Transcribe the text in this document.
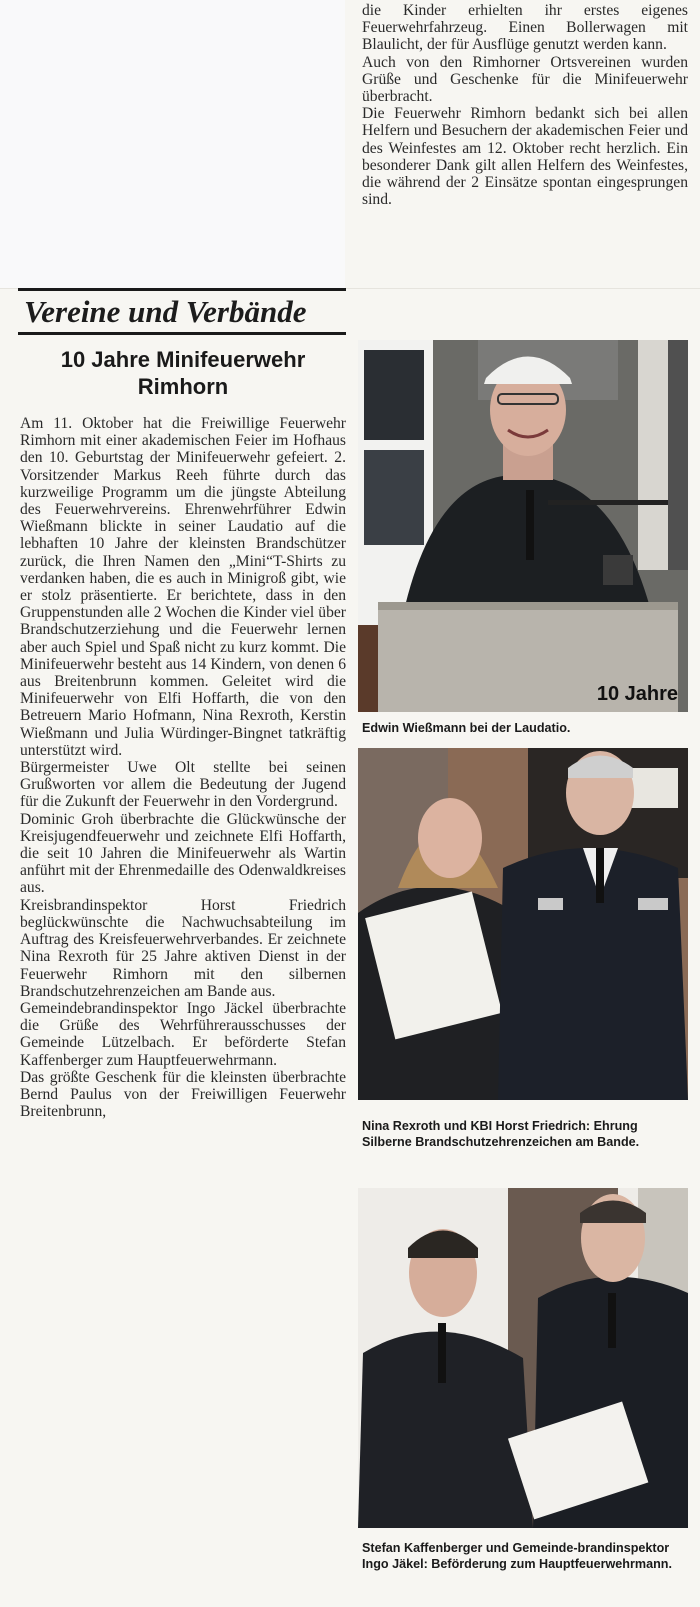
die Kinder erhielten ihr erstes eigenes Feuerwehrfahrzeug. Einen Bollerwagen mit Blaulicht, der für Ausflüge genutzt werden kann.

Auch von den Rimhorner Ortsvereinen wurden Grüße und Geschenke für die Minifeuerwehr überbracht.

Die Feuerwehr Rimhorn bedankt sich bei allen Helfern und Besuchern der akademischen Feier und des Weinfestes am 12. Oktober recht herzlich. Ein besonderer Dank gilt allen Helfern des Weinfestes, die während der 2 Einsätze spontan eingesprungen sind.

Vereine und Verbände
10 Jahre Minifeuerwehr
Rimhorn

Am 11. Oktober hat die Freiwillige Feuerwehr Rimhorn mit einer akademischen Feier im Hofhaus den 10. Geburtstag der Minifeuerwehr gefeiert. 2. Vorsitzender Markus Reeh führte durch das kurzweilige Programm um die jüngste Abteilung des Feuerwehrvereins. Ehrenwehrführer Edwin Wießmann blickte in seiner Laudatio auf die lebhaften 10 Jahre der kleinsten Brandschützer zurück, die Ihren Namen den „Mini“T-Shirts zu verdanken haben, die es auch in Minigroß gibt, wie er stolz präsentierte. Er berichtete, dass in den Gruppenstunden alle 2 Wochen die Kinder viel über Brandschutzerziehung und die Feuerwehr lernen aber auch Spiel und Spaß nicht zu kurz kommt. Die Minifeuerwehr besteht aus 14 Kindern, von denen 6 aus Breitenbrunn kommen. Geleitet wird die Minifeuerwehr von Elfi Hoffarth, die von den Betreuern Mario Hofmann, Nina Rexroth, Kerstin Wießmann und Julia Würdinger-Bingnet tatkräftig unterstützt wird.

Bürgermeister Uwe Olt stellte bei seinen Grußworten vor allem die Bedeutung der Jugend für die Zukunft der Feuerwehr in den Vordergrund.

Dominic Groh überbrachte die Glückwünsche der Kreisjugendfeuerwehr und zeichnete Elfi Hoffarth, die seit 10 Jahren die Minifeuerwehr als Wartin anführt mit der Ehrenmedaille des Odenwaldkreises aus.

Kreisbrandinspektor Horst Friedrich beglückwünschte die Nachwuchsabteilung im Auftrag des Kreisfeuerwehrverbandes. Er zeichnete Nina Rexroth für 25 Jahre aktiven Dienst in der Feuerwehr Rimhorn mit den silbernen Brandschutzehrenzeichen am Bande aus.

Gemeindebrandinspektor Ingo Jäckel überbrachte die Grüße des Wehrführerausschusses der Gemeinde Lützelbach. Er beförderte Stefan Kaffenberger zum Hauptfeuerwehrmann.

Das größte Geschenk für die kleinsten überbrachte Bernd Paulus von der Freiwilligen Feuerwehr Breitenbrunn,

10 Jahre
Edwin Wießmann bei der Laudatio.
Nina Rexroth und KBI Horst Friedrich: Ehrung Silberne Brandschutzehrenzeichen am Bande.
Stefan Kaffenberger und Gemeinde-brandinspektor Ingo Jäkel: Beförderung zum Hauptfeuerwehrmann.
